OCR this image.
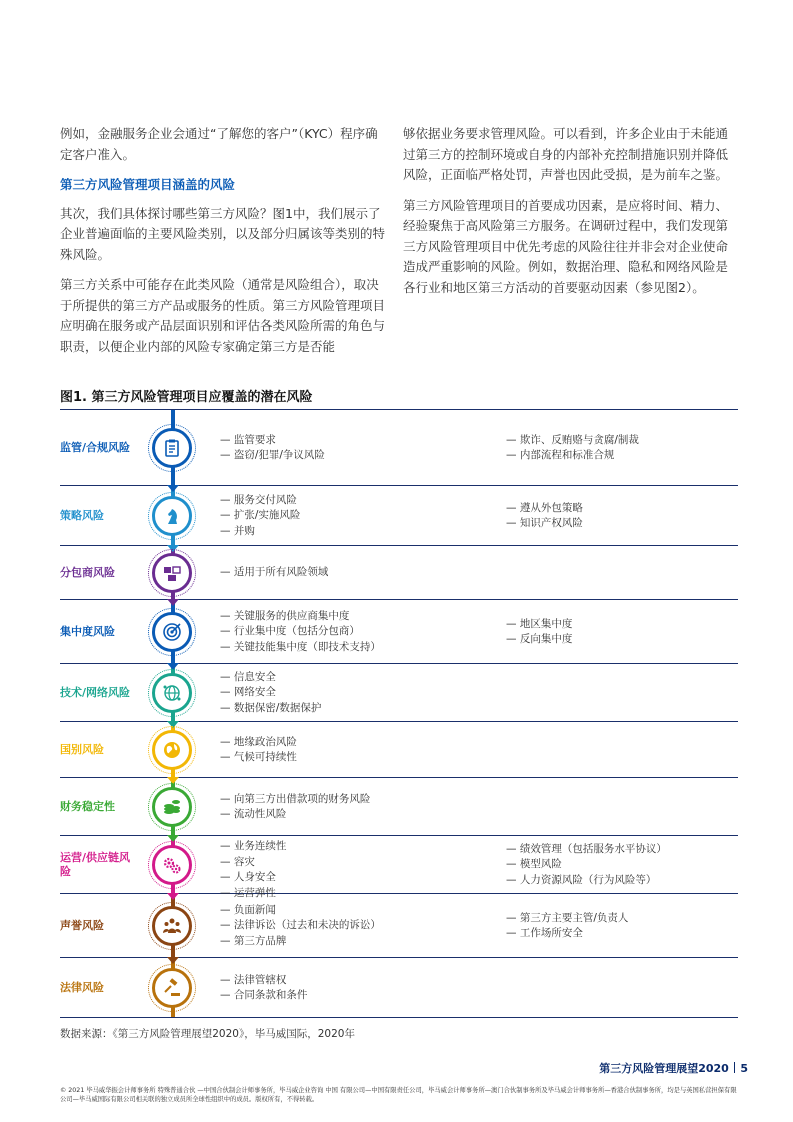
例如，金融服务企业会通过“了解您的客户”（KYC）程序确定客户准入。

第三方风险管理项目涵盖的风险

其次，我们具体探讨哪些第三方风险？图1中，我们展示了企业普遍面临的主要风险类别，以及部分归属该等类别的特殊风险。

第三方关系中可能存在此类风险（通常是风险组合），取决于所提供的第三方产品或服务的性质。第三方风险管理项目应明确在服务或产品层面识别和评估各类风险所需的角色与职责，以便企业内部的风险专家确定第三方是否能

够依据业务要求管理风险。可以看到，许多企业由于未能通过第三方的控制环境或自身的内部补充控制措施识别并降低风险，正面临严格处罚，声誉也因此受损，是为前车之鉴。

第三方风险管理项目的首要成功因素，是应将时间、精力、经验聚焦于高风险第三方服务。在调研过程中，我们发现第三方风险管理项目中优先考虑的风险往往并非会对企业使命造成严重影响的风险。例如，数据治理、隐私和网络风险是各行业和地区第三方活动的首要驱动因素（参见图2）。

图1. 第三方风险管理项目应覆盖的潜在风险
监管/合规风险
— 监管要求
— 盗窃/犯罪/争议风险
— 欺诈、反贿赂与贪腐/制裁
— 内部流程和标准合规
策略风险
— 服务交付风险
— 扩张/实施风险
— 并购
— 遵从外包策略
— 知识产权风险
分包商风险
—	适用于所有风险领域
集中度风险
— 关键服务的供应商集中度
— 行业集中度（包括分包商）
— 关键技能集中度（即技术支持）
— 地区集中度
— 反向集中度
技术/网络风险
— 信息安全
— 网络安全
— 数据保密/数据保护
国别风险
— 地缘政治风险
— 气候可持续性
财务稳定性
— 向第三方出借款项的财务风险
— 流动性风险
运营/供应链风险
— 业务连续性
— 容灾
— 人身安全
— 运营弹性
— 绩效管理（包括服务水平协议）
— 模型风险
— 人力资源风险（行为风险等）
声誉风险
— 负面新闻
— 法律诉讼（过去和未决的诉讼）
— 第三方品牌
— 第三方主要主管/负责人
— 工作场所安全
法律风险
— 法律管辖权
— 合同条款和条件
数据来源：《第三方风险管理展望2020》，毕马威国际，2020年
第三方风险管理展望2020 5
© 2021 毕马威华振会计师事务所 特殊普通合伙 —中国合伙制会计师事务所，毕马威企业咨询 中国 有限公司—中国有限责任公司，毕马威会计师事务所—澳门合伙制事务所及毕马威会计师事务所—香港合伙制事务所，均是与英国私营担保有限公司—毕马威国际有限公司相关联的独立成员所全球性组织中的成员。版权所有，不得转载。
